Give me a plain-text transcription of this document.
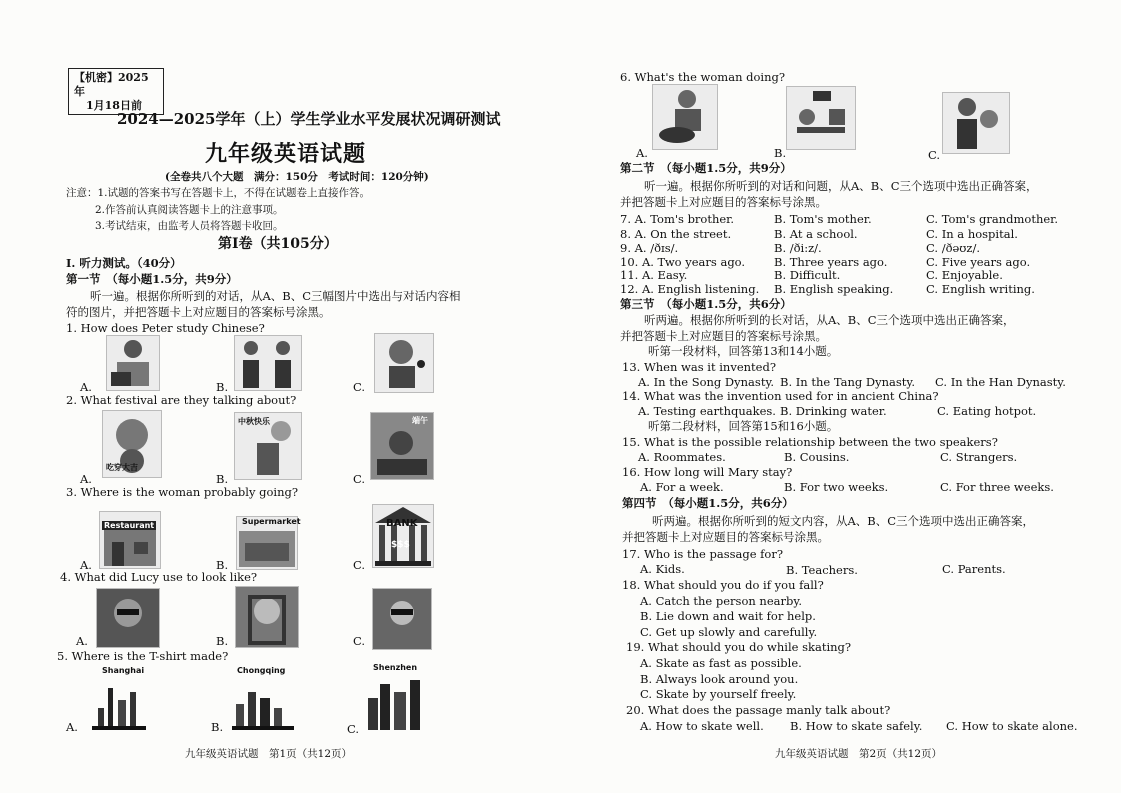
【机密】2025年
1月18日前
2024—2025学年（上）学生学业水平发展状况调研测试
九年级英语试题
(全卷共八个大题　满分：150分　考试时间：120分钟)
注意：1.试题的答案书写在答题卡上，不得在试题卷上直接作答。
2.作答前认真阅读答题卡上的注意事项。
3.考试结束，由监考人员将答题卡收回。
第Ⅰ卷（共105分）
Ⅰ. 听力测试。（40分）
第一节　（每小题1.5分，共9分）
听一遍。根据你所听到的对话，从A、B、C三幅图片中选出与对话内容相
符的图片，并把答题卡上对应题目的答案标号涂黑。
1. How does Peter study Chinese?
A.	B.	C.
2. What festival are they talking about?
吃穿大吉
A.
中秋快乐
B.
端午
C.
3. Where is the woman probably going?
Restaurant
A.
Supermarket
B.
BANK
$$$
C.
4. What did Lucy use to look like?
A.	B.	C.
5. Where is the T-shirt made?
Shanghai
A.
Chongqing
B.
Shenzhen
C.
九年级英语试题　第1页（共12页）
6. What's the woman doing?
A.	B.	C.
第二节　（每小题1.5分，共9分）
听一遍。根据你所听到的对话和问题，从A、B、C三个选项中选出正确答案，
并把答题卡上对应题目的答案标号涂黑。
7. A. Tom's brother.	B. Tom's mother.	C. Tom's grandmother.
8. A. On the street.	B. At a school.	C. In a hospital.
9. A. /ðɪs/.	B. /ði:z/.	C. /ðəʊz/.
10. A. Two years ago.	B. Three years ago.	C. Five years ago.
11. A. Easy.	B. Difficult.	C. Enjoyable.
12. A. English listening. B. English speaking.	C. English writing.
第三节　（每小题1.5分，共6分）
听两遍。根据你所听到的长对话，从A、B、C三个选项中选出正确答案，
并把答题卡上对应题目的答案标号涂黑。
听第一段材料，回答第13和14小题。
13. When was it invented?
A. In the Song Dynasty. B. In the Tang Dynasty. C. In the Han Dynasty.
14. What was the invention used for in ancient China?
A. Testing earthquakes. B. Drinking water.	C. Eating hotpot.
听第二段材料，回答第15和16小题。
15. What is the possible relationship between the two speakers?
A. Roommates.	B. Cousins.	C. Strangers.
16. How long will Mary stay?
A. For a week.	B. For two weeks.	C. For three weeks.
第四节　（每小题1.5分，共6分）
听两遍。根据你所听到的短文内容，从A、B、C三个选项中选出正确答案，
并把答题卡上对应题目的答案标号涂黑。
17. Who is the passage for?
A. Kids.	B. Teachers.	C. Parents.
18. What should you do if you fall?
A. Catch the person nearby.
B. Lie down and wait for help.
C. Get up slowly and carefully.
19. What should you do while skating?
A. Skate as fast as possible.
B. Always look around you.
C. Skate by yourself freely.
20. What does the passage manly talk about?
A. How to skate well. B. How to skate safely. C. How to skate alone.
九年级英语试题　第2页（共12页）
